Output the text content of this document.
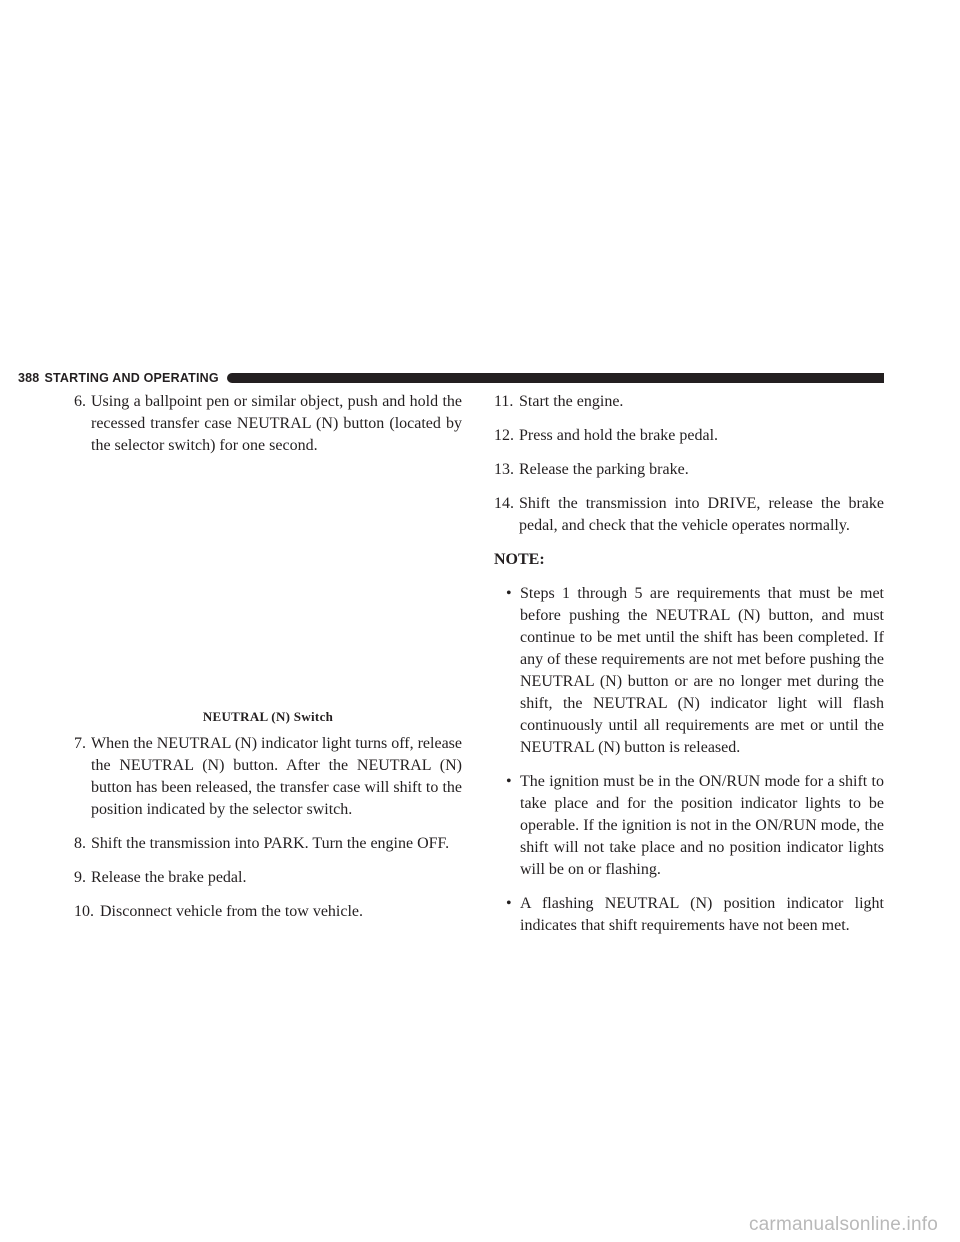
388 STARTING AND OPERATING

6. Using a ballpoint pen or similar object, push and hold the recessed transfer case NEUTRAL (N) button (located by the selector switch) for one second.

NEUTRAL (N) Switch

7. When the NEUTRAL (N) indicator light turns off, release the NEUTRAL (N) button. After the NEUTRAL (N) button has been released, the transfer case will shift to the position indicated by the selector switch.

8. Shift the transmission into PARK. Turn the engine OFF.

9. Release the brake pedal.

10. Disconnect vehicle from the tow vehicle.

11. Start the engine.

12. Press and hold the brake pedal.

13. Release the parking brake.

14. Shift the transmission into DRIVE, release the brake pedal, and check that the vehicle operates normally.

NOTE:

• Steps 1 through 5 are requirements that must be met before pushing the NEUTRAL (N) button, and must continue to be met until the shift has been completed. If any of these requirements are not met before pushing the NEUTRAL (N) button or are no longer met during the shift, the NEUTRAL (N) indicator light will flash continuously until all requirements are met or until the NEUTRAL (N) button is released.

• The ignition must be in the ON/RUN mode for a shift to take place and for the position indicator lights to be operable. If the ignition is not in the ON/RUN mode, the shift will not take place and no position indicator lights will be on or flashing.

• A flashing NEUTRAL (N) position indicator light indicates that shift requirements have not been met.

carmanualsonline.info
